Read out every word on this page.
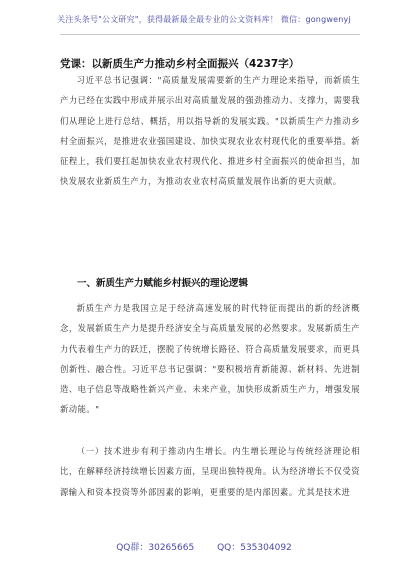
关注头条号"公文研究"，获得最新最全最专业的公文资料库！ 微信：gongwenyj
党课：以新质生产力推动乡村全面振兴（4237字）
习近平总书记强调："高质量发展需要新的生产力理论来指导，而新质生产力已经在实践中形成并展示出对高质量发展的强劲推动力、支撑力，需要我们从理论上进行总结、概括，用以指导新的发展实践。"以新质生产力推动乡村全面振兴，是推进农业强国建设、加快实现农业农村现代化的重要举措。新征程上，我们要扛起加快农业农村现代化、推进乡村全面振兴的使命担当，加快发展农业新质生产力，为推动农业农村高质量发展作出新的更大贡献。
一、新质生产力赋能乡村振兴的理论逻辑
新质生产力是我国立足于经济高速发展的时代特征而提出的新的经济概念，发展新质生产力是提升经济安全与高质量发展的必然要求。发展新质生产力代表着生产力的跃迁，摆脱了传统增长路径、符合高质量发展要求，而更具创新性、融合性。习近平总书记强调："要积极培育新能源、新材料、先进制造、电子信息等战略性新兴产业、未来产业，加快形成新质生产力，增强发展新动能。"
（一）技术进步有利于推动内生增长。内生增长理论与传统经济理论相比，在解释经济持续增长因素方面，呈现出独特视角。认为经济增长不仅受资源输入和资本投资等外部因素的影响，更重要的是内部因素。尤其是技术进
QQ群：30265665        QQ：535304092
